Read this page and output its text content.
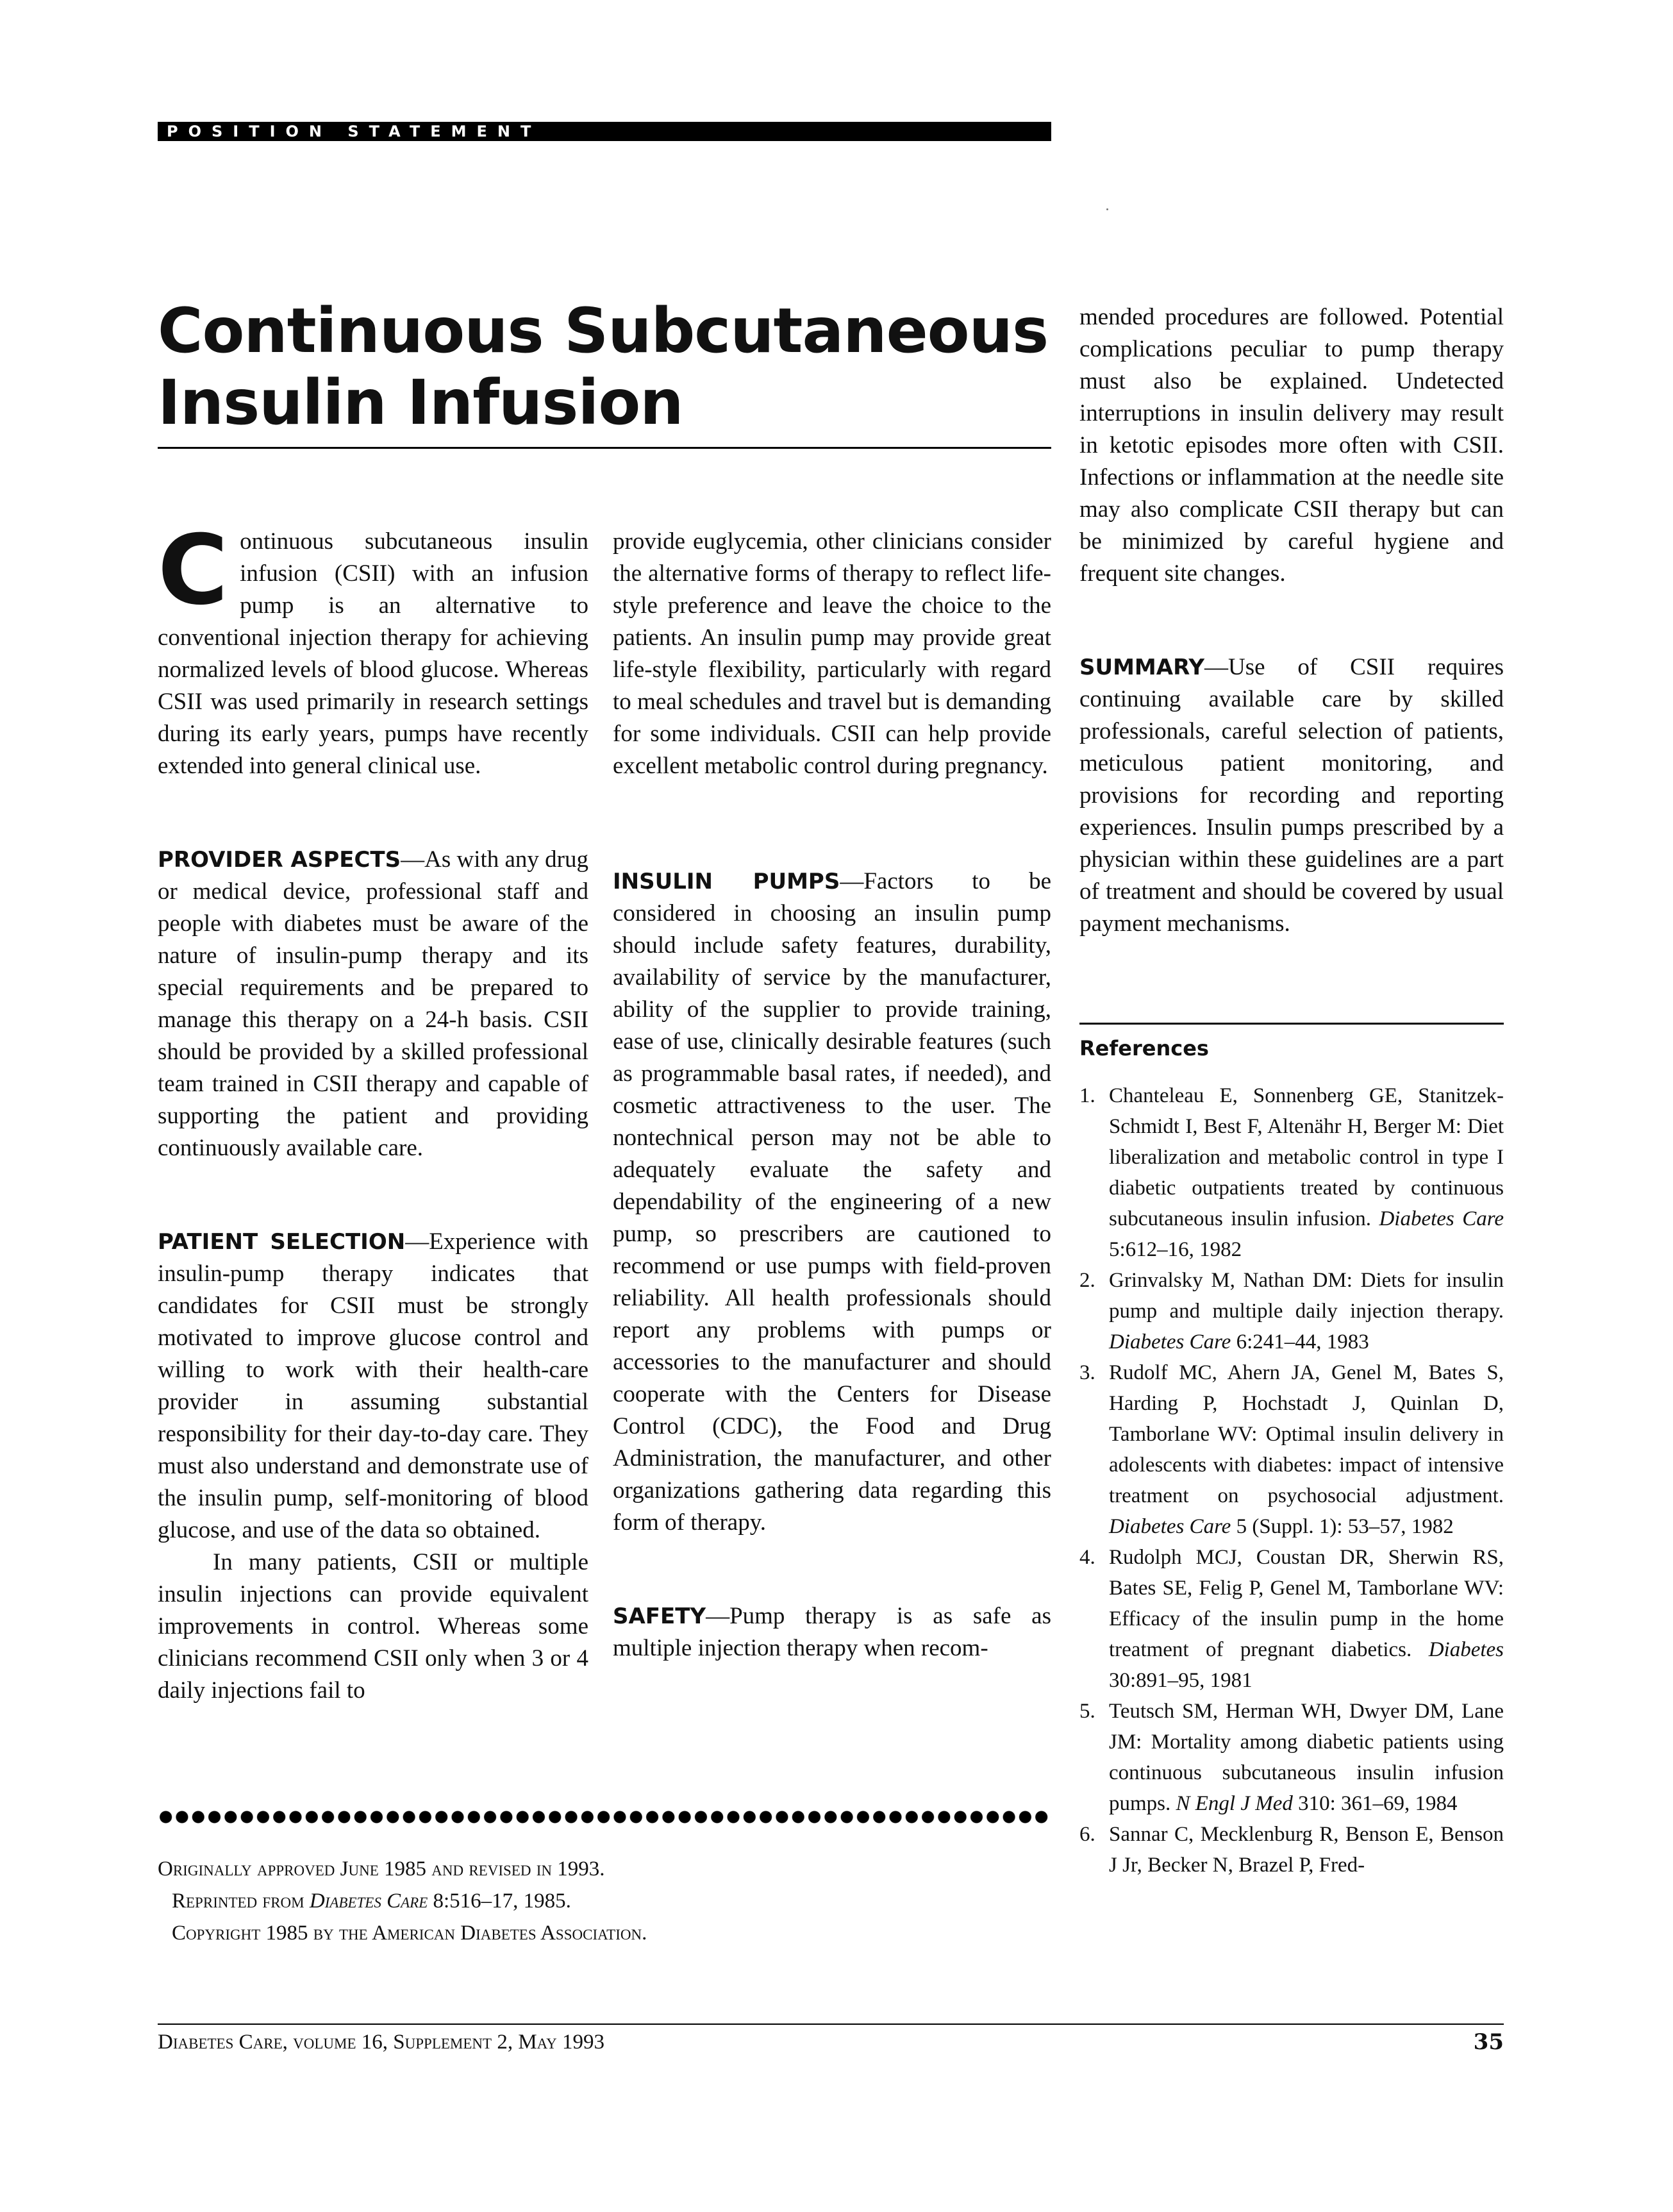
POSITION STATEMENT
Continuous Subcutaneous
Insulin Infusion

Continuous subcutaneous insulin infusion (CSII) with an infusion pump is an alternative to conventional injection therapy for achieving normalized levels of blood glucose. Whereas CSII was used primarily in research settings during its early years, pumps have recently extended into general clinical use.

PROVIDER ASPECTS—As with any drug or medical device, professional staff and people with diabetes must be aware of the nature of insulin-pump therapy and its special requirements and be prepared to manage this therapy on a 24-h basis. CSII should be provided by a skilled professional team trained in CSII therapy and capable of supporting the patient and providing continuously available care.

PATIENT SELECTION—Experience with insulin-pump therapy indicates that candidates for CSII must be strongly motivated to improve glucose control and willing to work with their health-care provider in assuming substantial responsibility for their day-to-day care. They must also understand and demonstrate use of the insulin pump, self-monitoring of blood glucose, and use of the data so obtained.

In many patients, CSII or multiple insulin injections can provide equivalent improvements in control. Whereas some clinicians recommend CSII only when 3 or 4 daily injections fail to

provide euglycemia, other clinicians consider the alternative forms of therapy to reflect life-style preference and leave the choice to the patients. An insulin pump may provide great life-style flexibility, particularly with regard to meal schedules and travel but is demanding for some individuals. CSII can help provide excellent metabolic control during pregnancy.

INSULIN PUMPS—Factors to be considered in choosing an insulin pump should include safety features, durability, availability of service by the manufacturer, ability of the supplier to provide training, ease of use, clinically desirable features (such as programmable basal rates, if needed), and cosmetic attractiveness to the user. The nontechnical person may not be able to adequately evaluate the safety and dependability of the engineering of a new pump, so prescribers are cautioned to recommend or use pumps with field-proven reliability. All health professionals should report any problems with pumps or accessories to the manufacturer and should cooperate with the Centers for Disease Control (CDC), the Food and Drug Administration, the manufacturer, and other organizations gathering data regarding this form of therapy.

SAFETY—Pump therapy is as safe as multiple injection therapy when recom-

mended procedures are followed. Potential complications peculiar to pump therapy must also be explained. Undetected interruptions in insulin delivery may result in ketotic episodes more often with CSII. Infections or inflammation at the needle site may also complicate CSII therapy but can be minimized by careful hygiene and frequent site changes.

SUMMARY—Use of CSII requires continuing available care by skilled professionals, careful selection of patients, meticulous patient monitoring, and provisions for recording and reporting experiences. Insulin pumps prescribed by a physician within these guidelines are a part of treatment and should be covered by usual payment mechanisms.

Originally approved June 1985 and revised in 1993.

Reprinted from Diabetes Care 8:516–17, 1985.

Copyright 1985 by the American Diabetes Association.

References
1. Chanteleau E, Sonnenberg GE, Stanitzek-Schmidt I, Best F, Altenähr H, Berger M: Diet liberalization and metabolic control in type I diabetic outpatients treated by continuous subcutaneous insulin infusion. Diabetes Care 5:612–16, 1982
2. Grinvalsky M, Nathan DM: Diets for insulin pump and multiple daily injection therapy. Diabetes Care 6:241–44, 1983
3. Rudolf MC, Ahern JA, Genel M, Bates S, Harding P, Hochstadt J, Quinlan D, Tamborlane WV: Optimal insulin delivery in adolescents with diabetes: impact of intensive treatment on psychosocial adjustment. Diabetes Care 5 (Suppl. 1): 53–57, 1982
4. Rudolph MCJ, Coustan DR, Sherwin RS, Bates SE, Felig P, Genel M, Tamborlane WV: Efficacy of the insulin pump in the home treatment of pregnant diabetics. Diabetes 30:891–95, 1981
5. Teutsch SM, Herman WH, Dwyer DM, Lane JM: Mortality among diabetic patients using continuous subcutaneous insulin infusion pumps. N Engl J Med 310: 361–69, 1984
6. Sannar C, Mecklenburg R, Benson E, Benson J Jr, Becker N, Brazel P, Fred-
Diabetes Care, volume 16, Supplement 2, May 1993	35
